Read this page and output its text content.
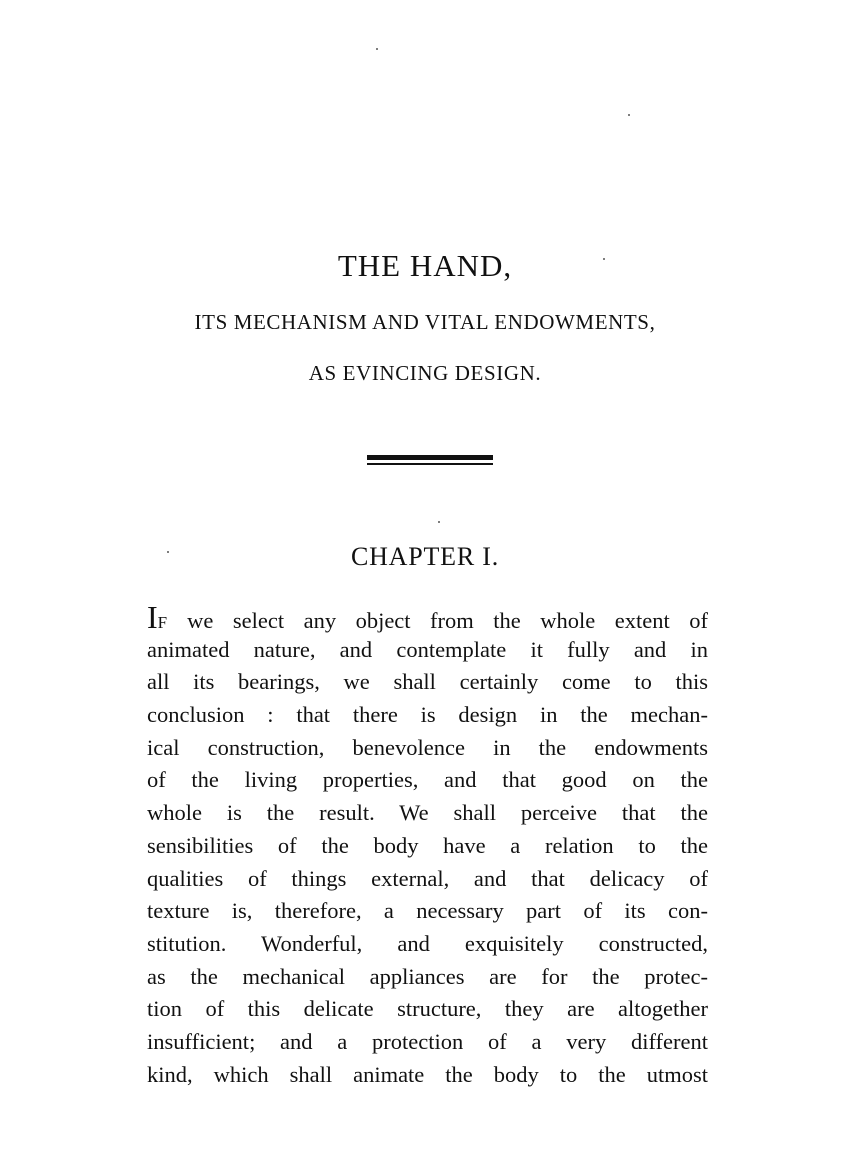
THE HAND,
ITS MECHANISM AND VITAL ENDOWMENTS,
AS EVINCING DESIGN.
CHAPTER I.
IF we select any object from the whole extent of
animated nature, and contemplate it fully and in
all its bearings, we shall certainly come to this
conclusion : that there is design in the mechan-
ical construction, benevolence in the endowments
of the living properties, and that good on the
whole is the result. We shall perceive that the
sensibilities of the body have a relation to the
qualities of things external, and that delicacy of
texture is, therefore, a necessary part of its con-
stitution. Wonderful, and exquisitely constructed,
as the mechanical appliances are for the protec-
tion of this delicate structure, they are altogether
insufficient; and a protection of a very different
kind, which shall animate the body to the utmost
